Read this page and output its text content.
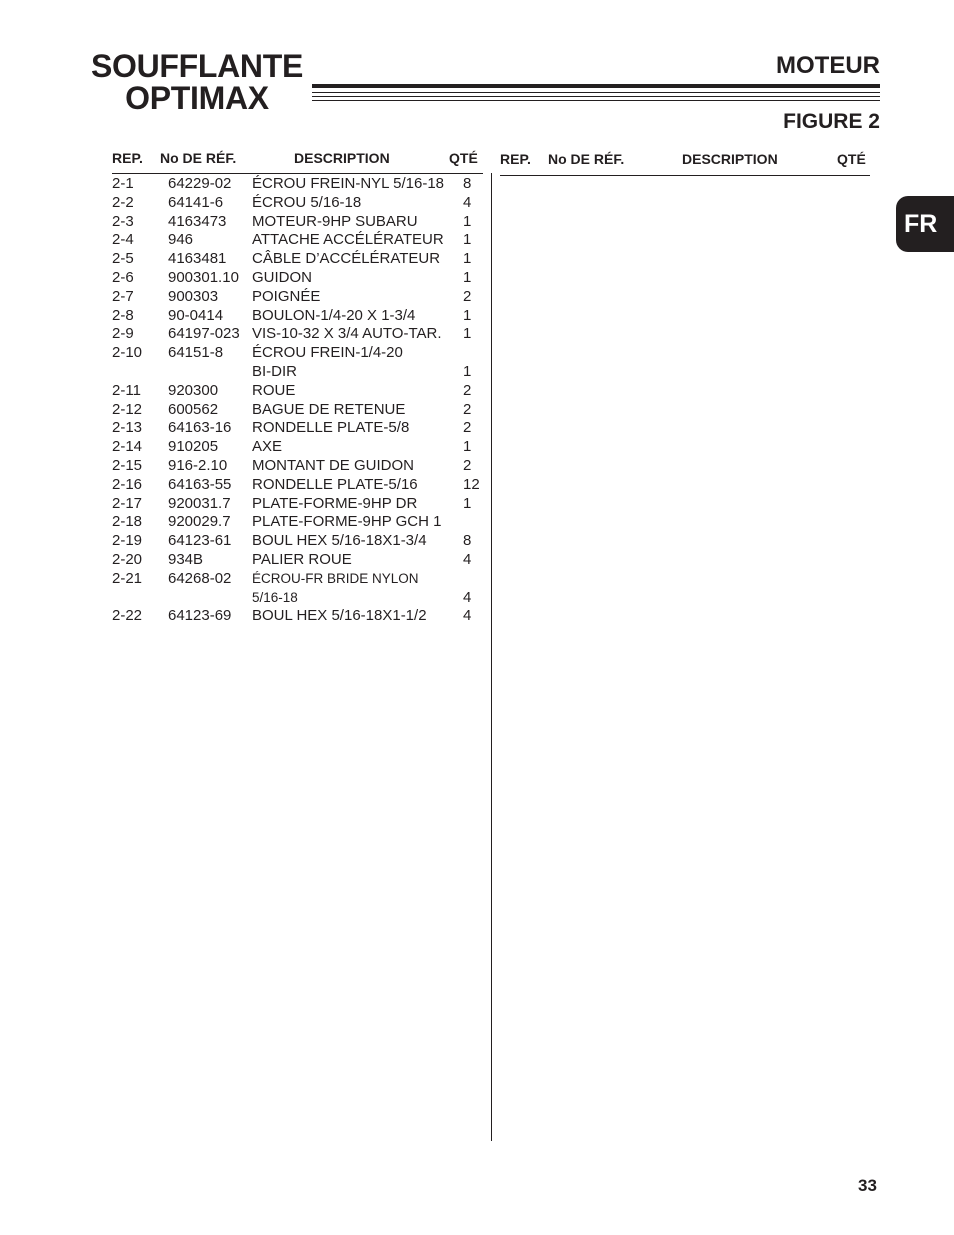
SOUFFLANTE
OPTIMAX
MOTEUR
FIGURE 2
REP. No DE RÉF.	DESCRIPTION	QTÉ REP. No DE RÉF.	DESCRIPTION	QTÉ
2-1 64229-02 ÉCROU FREIN-NYL 5/16-18 8
2-2 64141-6 ÉCROU 5/16-18	4
2-3 4163473 MOTEUR-9HP SUBARU	1
2-4 946	ATTACHE ACCÉLÉRATEUR 1
2-5 4163481 CÂBLE D’ACCÉLÉRATEUR 1
2-6 900301.10 GUIDON	1
2-7 900303 POIGNÉE	2
2-8 90-0414 BOULON-1/4-20 X 1-3/4	1
2-9 64197-023 VIS-10-32 X 3/4 AUTO-TAR. 1
2-10 64151-8 ÉCROU FREIN-1/4-20
BI-DIR	1
2-11 920300 ROUE	2
2-12 600562 BAGUE DE RETENUE	2
2-13 64163-16 RONDELLE PLATE-5/8	2
2-14 910205 AXE	1
2-15 916-2.10 MONTANT DE GUIDON	2
2-16 64163-55 RONDELLE PLATE-5/16	12
2-17 920031.7 PLATE-FORME-9HP DR	1
2-18 920029.7 PLATE-FORME-9HP GCH 1
2-19 64123-61 BOUL HEX 5/16-18X1-3/4 8
2-20 934B	PALIER ROUE	4
2-21 64268-02 ÉCROU-FR BRIDE NYLON
5/16-18	4
2-22 64123-69 BOUL HEX 5/16-18X1-1/2 4
FR
33
